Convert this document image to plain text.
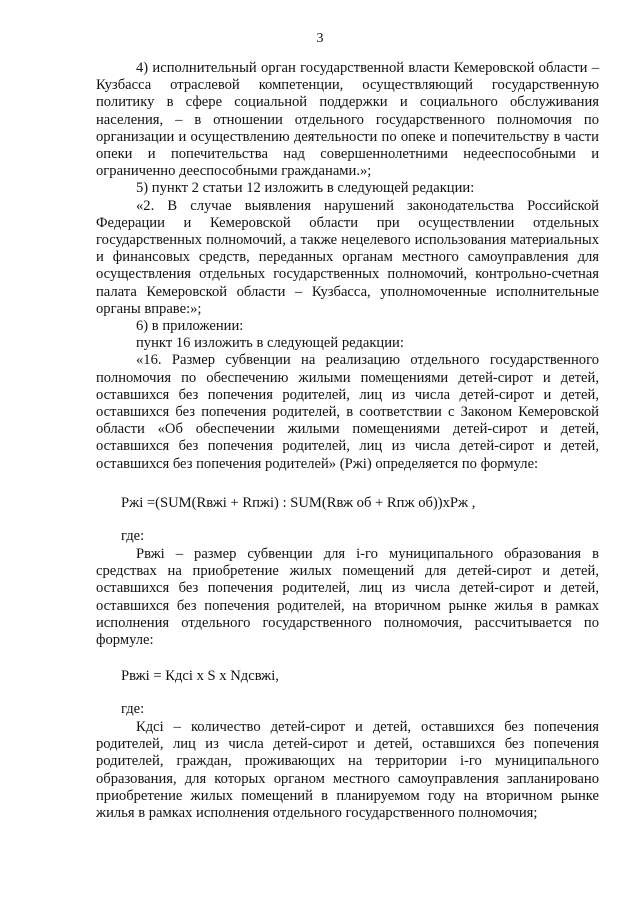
3

4) исполнительный орган государственной власти Кемеровской области – Кузбасса отраслевой компетенции, осуществляющий государственную политику в сфере социальной поддержки и социального обслуживания населения, – в отношении отдельного государственного полномочия по организации и осуществлению деятельности по опеке и попечительству в части опеки и попечительства над совершеннолетними недееспособными и ограниченно дееспособными гражданами.»;

5) пункт 2 статьи 12 изложить в следующей редакции:

«2. В случае выявления нарушений законодательства Российской Федерации и Кемеровской области при осуществлении отдельных государственных полномочий, а также нецелевого использования материальных и финансовых средств, переданных органам местного самоуправления для осуществления отдельных государственных полномочий, контрольно-счетная палата Кемеровской области – Кузбасса, уполномоченные исполнительные органы вправе:»;

6) в приложении:

пункт 16 изложить в следующей редакции:

«16. Размер субвенции на реализацию отдельного государственного полномочия по обеспечению жилыми помещениями детей-сирот и детей, оставшихся без попечения родителей, лиц из числа детей-сирот и детей, оставшихся без попечения родителей, в соответствии с Законом Кемеровской области «Об обеспечении жилыми помещениями детей-сирот и детей, оставшихся без попечения родителей, лиц из числа детей-сирот и детей, оставшихся без попечения родителей» (Ржi) определяется по формуле:

Ржi =(SUM(Rвжi + Rпжi) : SUM(Rвж об + Rпж об))хРж ,
где:

Рвжi – размер субвенции для i-го муниципального образования в средствах на приобретение жилых помещений для детей-сирот и детей, оставшихся без попечения родителей, лиц из числа детей-сирот и детей, оставшихся без попечения родителей, на вторичном рынке жилья в рамках исполнения отдельного государственного полномочия, рассчитывается по формуле:

Рвжi = Кдсi х S х Nдсвжi,
где:

Кдсi – количество детей-сирот и детей, оставшихся без попечения родителей, лиц из числа детей-сирот и детей, оставшихся без попечения родителей, граждан, проживающих на территории i-го муниципального образования, для которых органом местного самоуправления запланировано приобретение жилых помещений в планируемом году на вторичном рынке жилья в рамках исполнения отдельного государственного полномочия;
